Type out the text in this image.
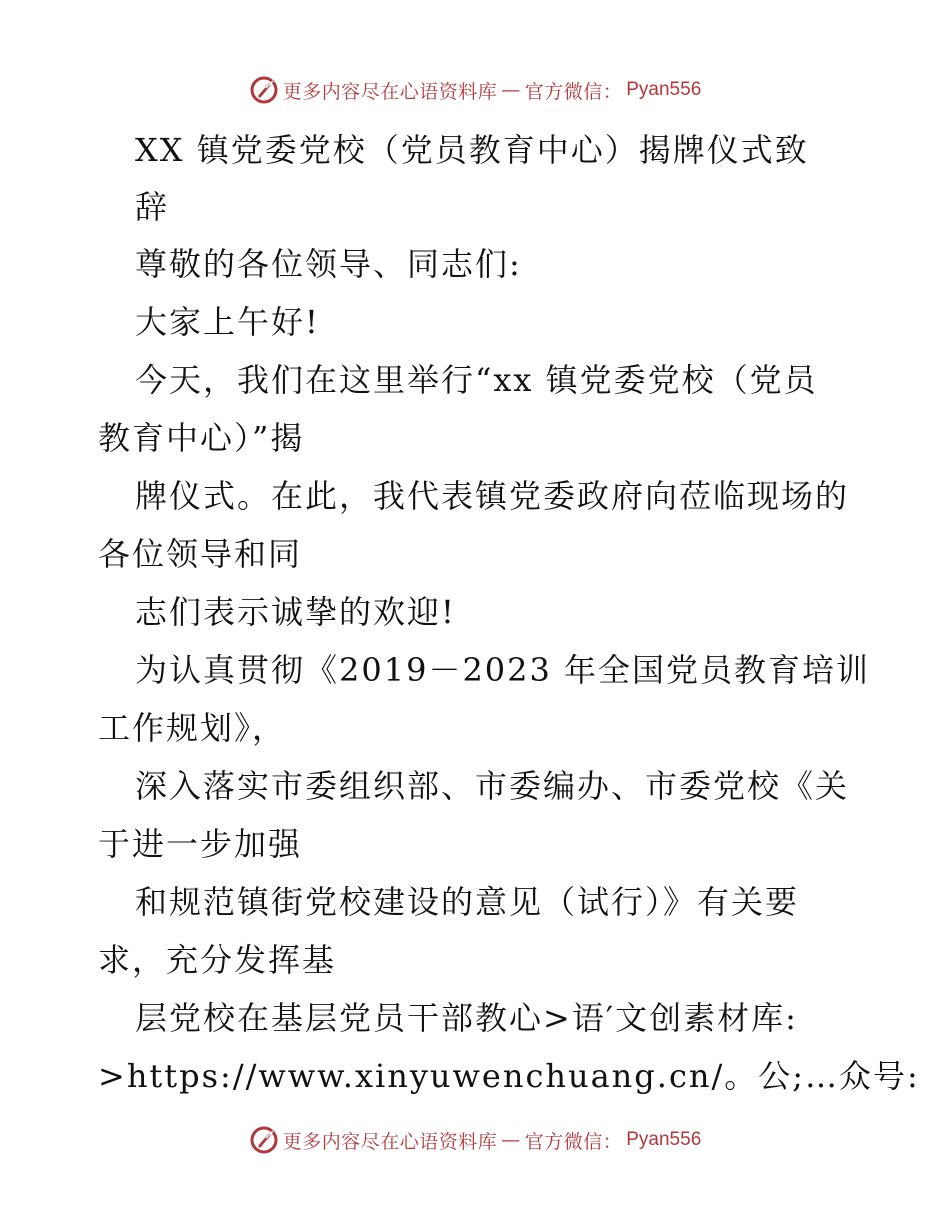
更多内容尽在心语资料库 — 官方微信： Pyan556
XX 镇党委党校（党员教育中心）揭牌仪式致
辞
尊敬的各位领导、同志们:
大家上午好!
今天，我们在这里举行“xx 镇党委党校（党员
教育中心）”揭
牌仪式。在此，我代表镇党委政府向莅临现场的
各位领导和同
志们表示诚挚的欢迎!
为认真贯彻《2019－2023 年全国党员教育培训
工作规划》，
深入落实市委组织部、市委编办、市委党校《关
于进一步加强
和规范镇街党校建设的意见（试行）》有关要
求，充分发挥基
层党校在基层党员干部教心>语′文创素材库:
>https://www.xinyuwenchuang.cn/。公;…众号:
更多内容尽在心语资料库 — 官方微信： Pyan556
